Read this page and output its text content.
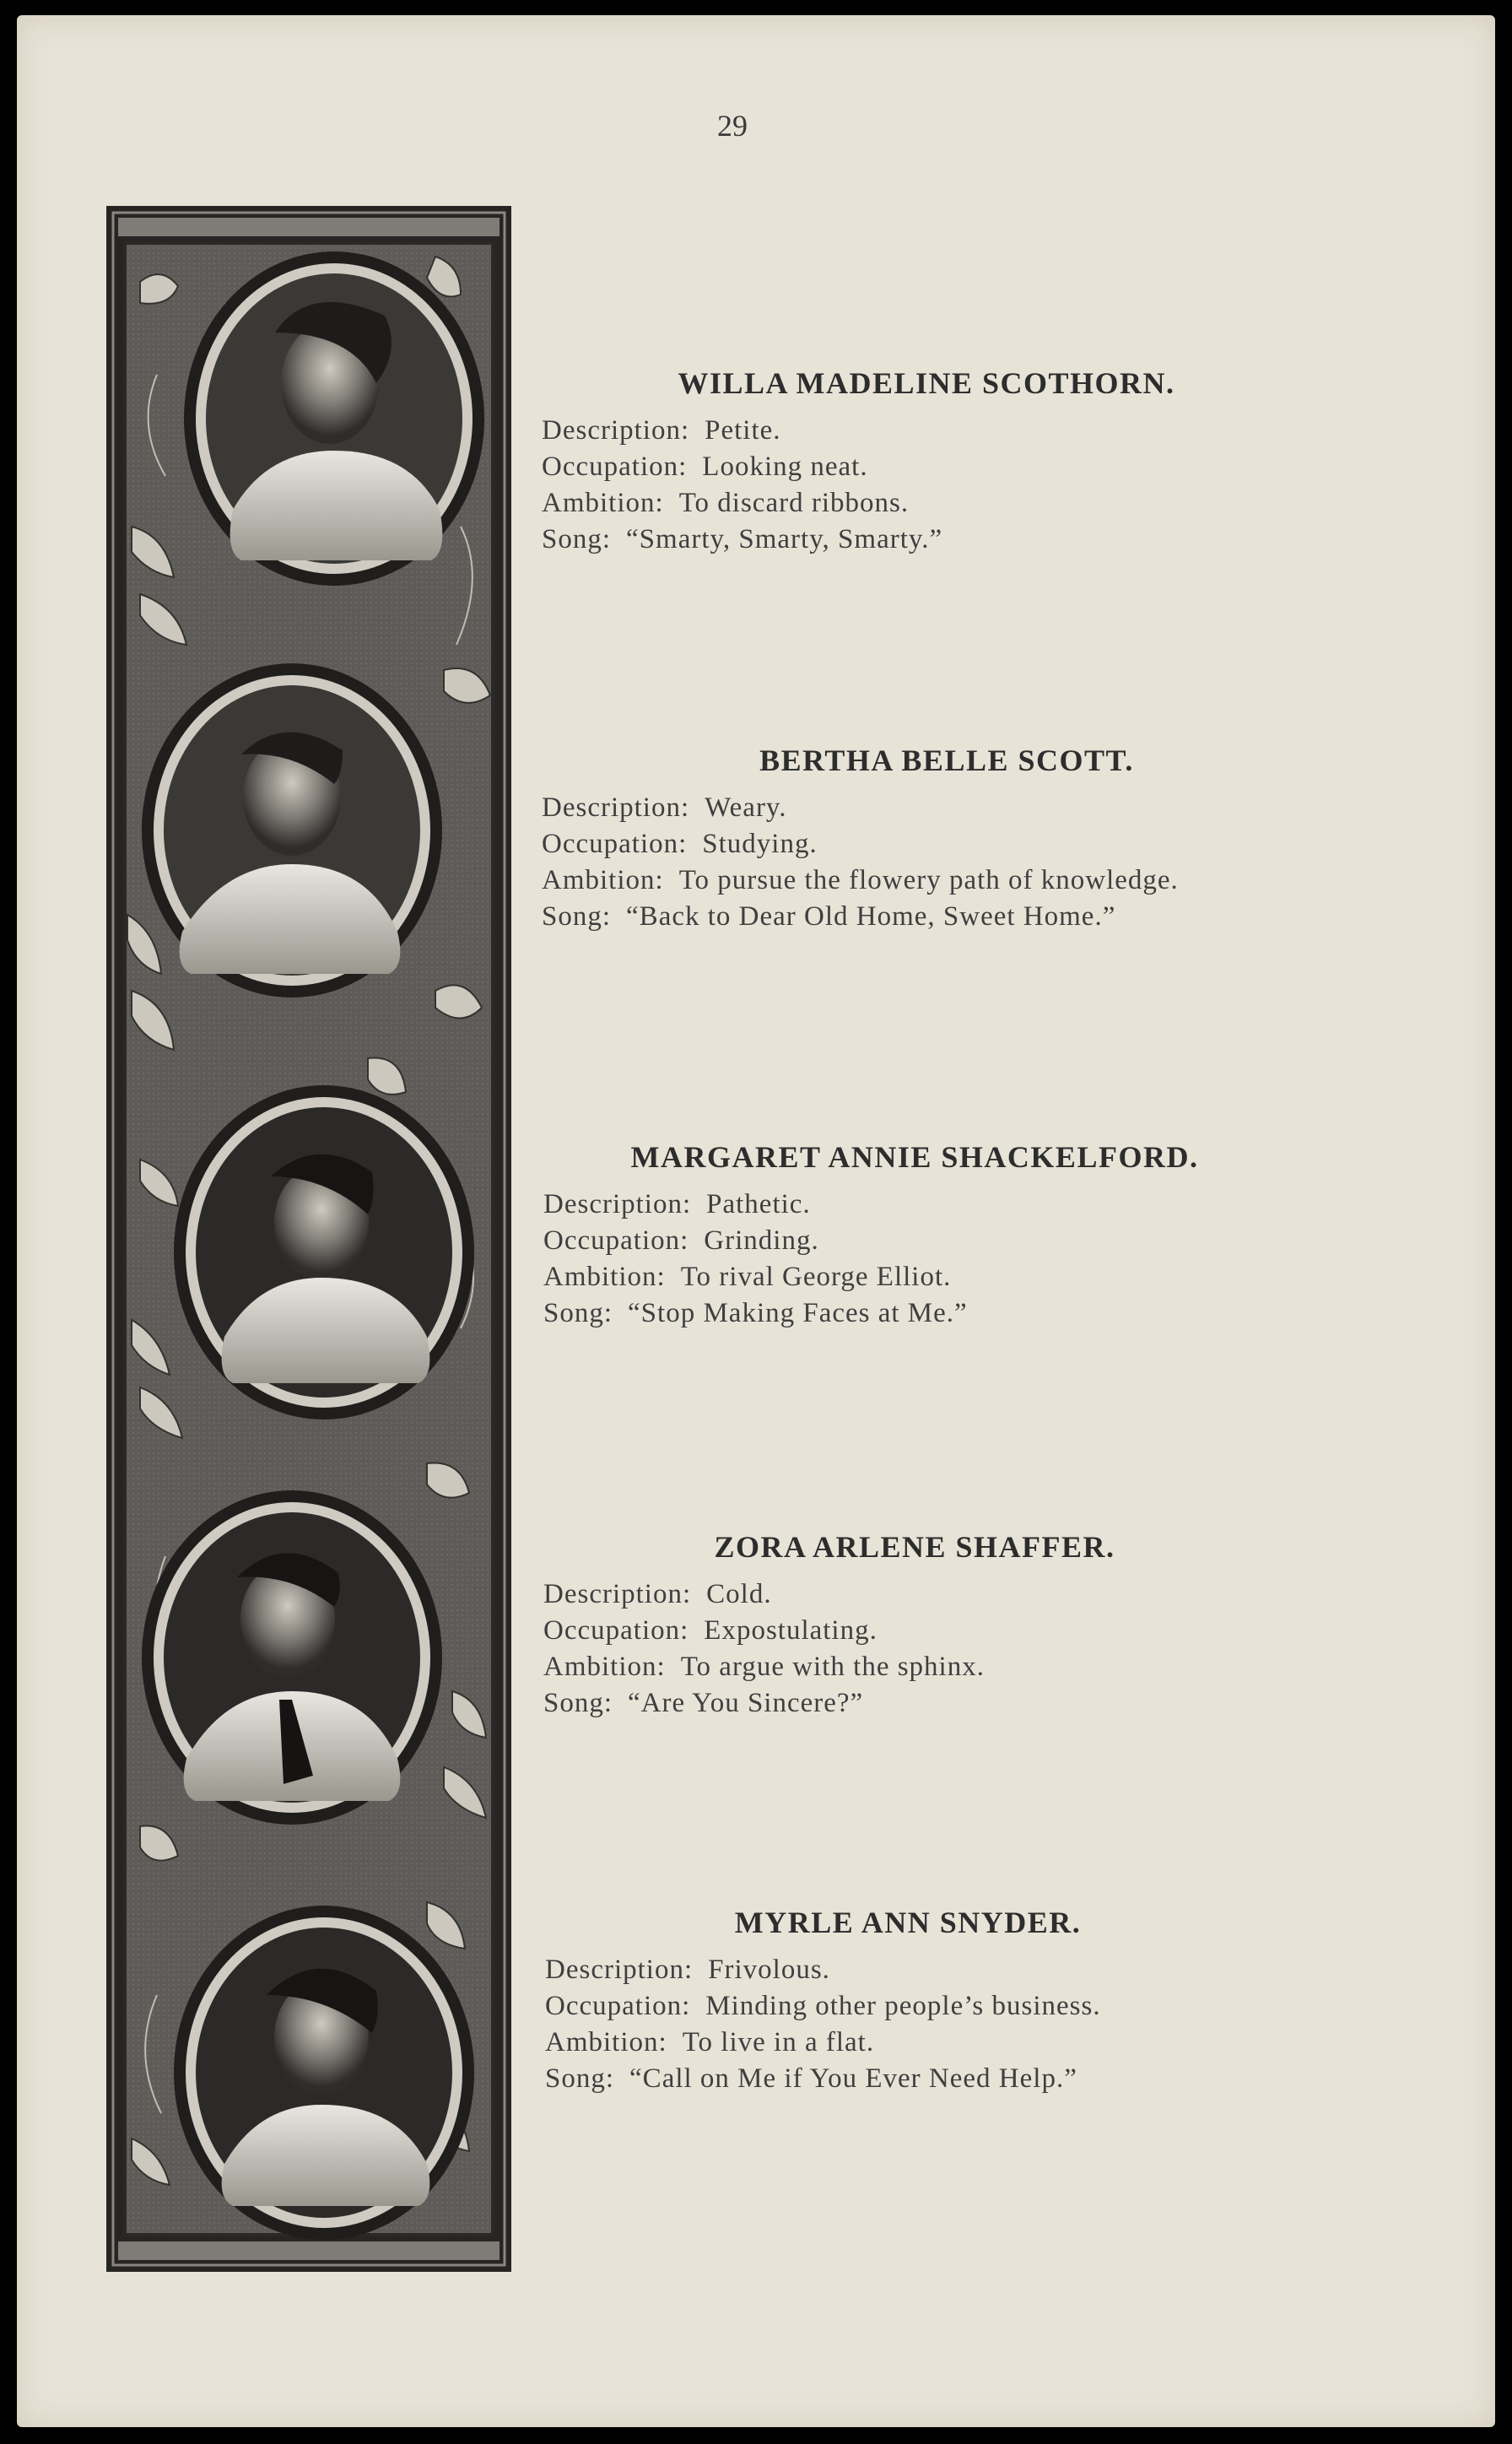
29
WILLA MADELINE SCOTHORN.
Description: Petite.
Occupation: Looking neat.
Ambition: To discard ribbons.
Song: “Smarty, Smarty, Smarty.”
BERTHA BELLE SCOTT.
Description: Weary.
Occupation: Studying.
Ambition: To pursue the flowery path of knowledge.
Song: “Back to Dear Old Home, Sweet Home.”
MARGARET ANNIE SHACKELFORD.
Description: Pathetic.
Occupation: Grinding.
Ambition: To rival George Elliot.
Song: “Stop Making Faces at Me.”
ZORA ARLENE SHAFFER.
Description: Cold.
Occupation: Expostulating.
Ambition: To argue with the sphinx.
Song: “Are You Sincere?”
MYRLE ANN SNYDER.
Description: Frivolous.
Occupation: Minding other people’s business.
Ambition: To live in a flat.
Song: “Call on Me if You Ever Need Help.”
